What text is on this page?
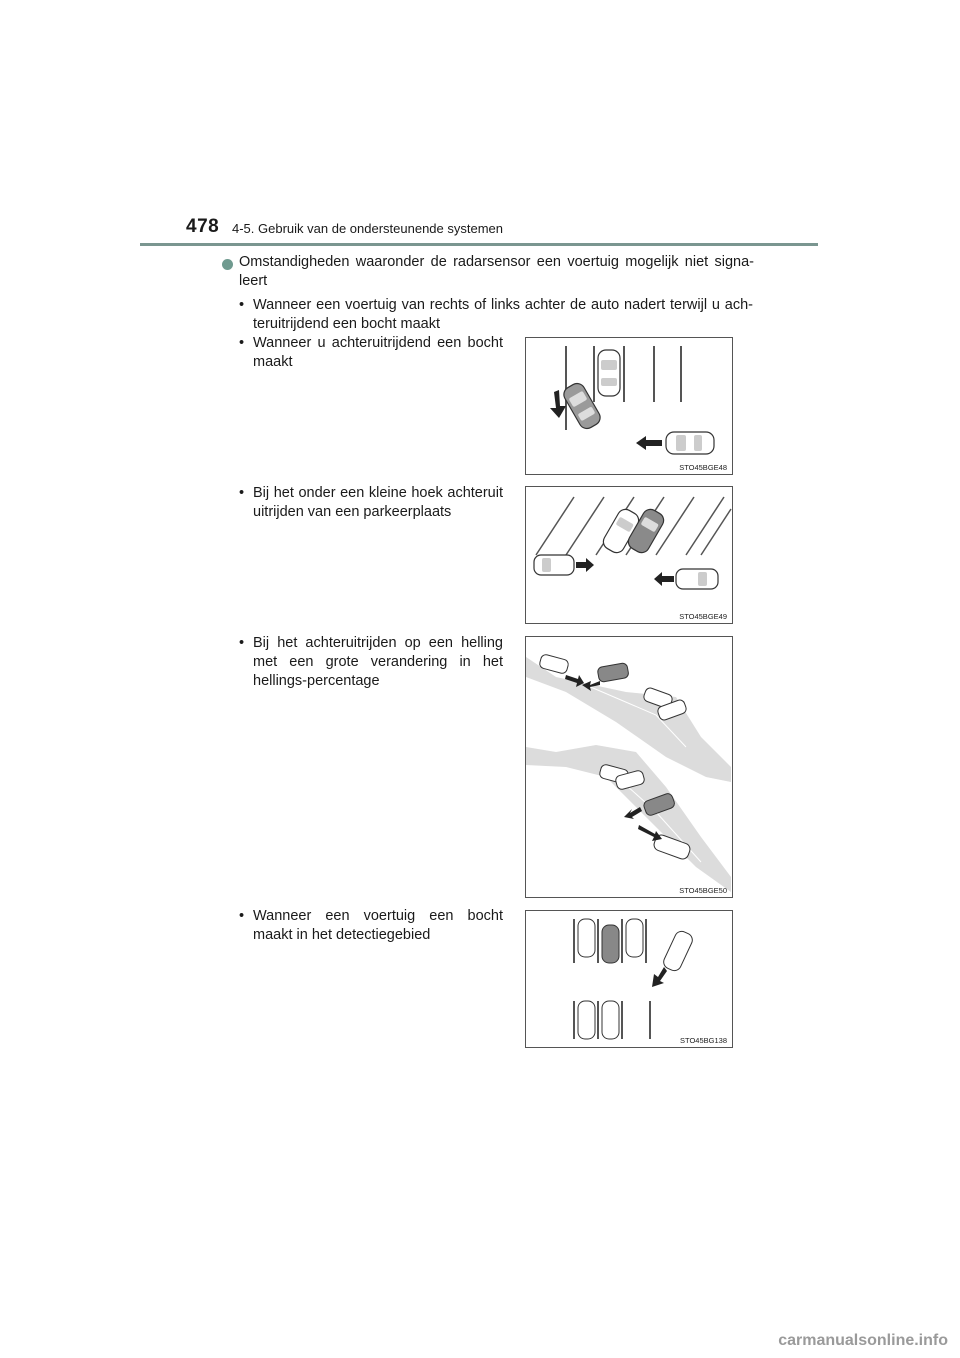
478 4-5. Gebruik van de ondersteunende systemen
Omstandigheden waaronder de radarsensor een voertuig mogelijk niet signa-leert
• Wanneer een voertuig van rechts of links achter de auto nadert terwijl u ach-teruitrijdend een bocht maakt
• Wanneer u achteruitrijdend een bocht maakt
• Bij het onder een kleine hoek achteruit uitrijden van een parkeerplaats
• Bij het achteruitrijden op een helling met een grote verandering in het hellings-percentage
• Wanneer een voertuig een bocht maakt in het detectiegebied
STO45BGE48
STO45BGE49
STO45BGE50
STO45BG138
carmanualsonline.info
